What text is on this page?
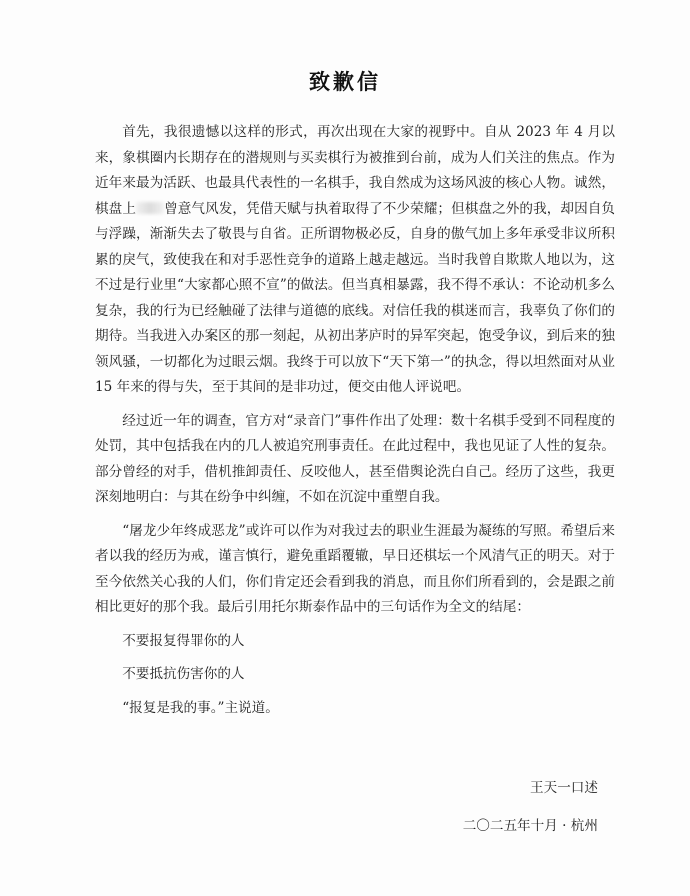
致歉信

首先，我很遗憾以这样的形式，再次出现在大家的视野中。自从 2023 年 4 月以来，象棋圈内长期存在的潜规则与买卖棋行为被推到台前，成为人们关注的焦点。作为近年来最为活跃、也最具代表性的一名棋手，我自然成为这场风波的核心人物。诚然，棋盘上 曾意气风发，凭借天赋与执着取得了不少荣耀；但棋盘之外的我，却因自负与浮躁，渐渐失去了敬畏与自省。正所谓物极必反，自身的傲气加上多年承受非议所积累的戾气，致使我在和对手恶性竞争的道路上越走越远。当时我曾自欺欺人地以为，这不过是行业里“大家都心照不宣”的做法。但当真相暴露，我不得不承认：不论动机多么复杂，我的行为已经触碰了法律与道德的底线。对信任我的棋迷而言，我辜负了你们的期待。当我进入办案区的那一刻起，从初出茅庐时的异军突起，饱受争议，到后来的独领风骚，一切都化为过眼云烟。我终于可以放下“天下第一”的执念，得以坦然面对从业 15 年来的得与失，至于其间的是非功过，便交由他人评说吧。

经过近一年的调查，官方对“录音门”事件作出了处理：数十名棋手受到不同程度的处罚，其中包括我在内的几人被追究刑事责任。在此过程中，我也见证了人性的复杂。部分曾经的对手，借机推卸责任、反咬他人，甚至借舆论洗白自己。经历了这些，我更深刻地明白：与其在纷争中纠缠，不如在沉淀中重塑自我。

“屠龙少年终成恶龙”或许可以作为对我过去的职业生涯最为凝练的写照。希望后来者以我的经历为戒，谨言慎行，避免重蹈覆辙，早日还棋坛一个风清气正的明天。对于至今依然关心我的人们，你们肯定还会看到我的消息，而且你们所看到的，会是跟之前相比更好的那个我。最后引用托尔斯泰作品中的三句话作为全文的结尾：

不要报复得罪你的人

不要抵抗伤害你的人

“报复是我的事。”主说道。

王天一口述
二〇二五年十月 · 杭州
